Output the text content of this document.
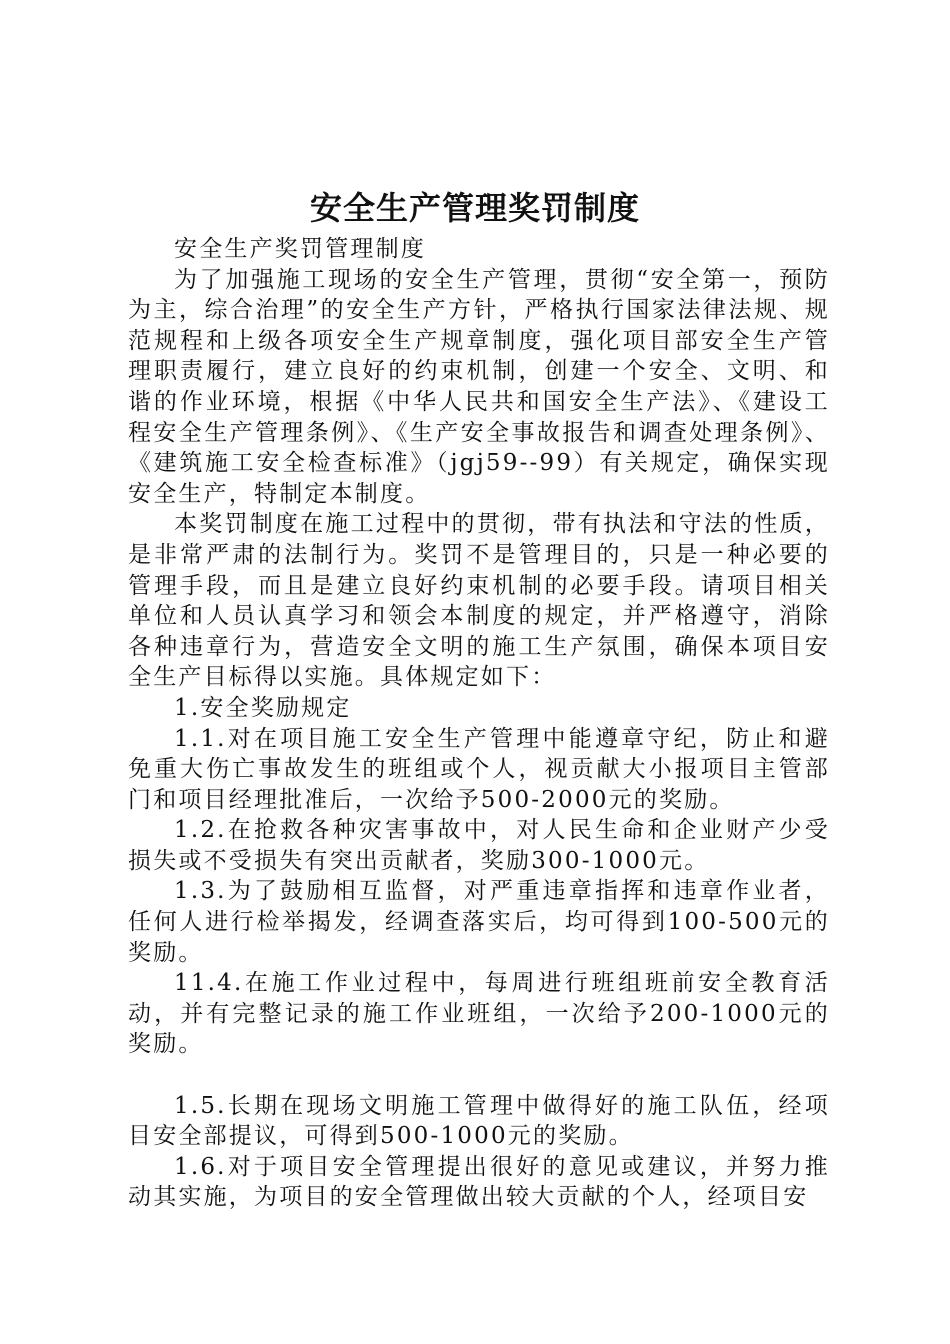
安全生产管理奖罚制度

安全生产奖罚管理制度

为了加强施工现场的安全生产管理，贯彻“安全第一，预防为主，综合治理”的安全生产方针，严格执行国家法律法规、规范规程和上级各项安全生产规章制度，强化项目部安全生产管理职责履行，建立良好的约束机制，创建一个安全、文明、和谐的作业环境，根据《中华人民共和国安全生产法》、《建设工程安全生产管理条例》、《生产安全事故报告和调查处理条例》、《建筑施工安全检查标准》（jgj59--99）有关规定，确保实现安全生产，特制定本制度。

本奖罚制度在施工过程中的贯彻，带有执法和守法的性质，是非常严肃的法制行为。奖罚不是管理目的，只是一种必要的管理手段，而且是建立良好约束机制的必要手段。请项目相关单位和人员认真学习和领会本制度的规定，并严格遵守，消除各种违章行为，营造安全文明的施工生产氛围，确保本项目安全生产目标得以实施。具体规定如下：

1.安全奖励规定

1.1.对在项目施工安全生产管理中能遵章守纪，防止和避免重大伤亡事故发生的班组或个人，视贡献大小报项目主管部门和项目经理批准后，一次给予500-2000元的奖励。

1.2.在抢救各种灾害事故中，对人民生命和企业财产少受损失或不受损失有突出贡献者，奖励300-1000元。

1.3.为了鼓励相互监督，对严重违章指挥和违章作业者，任何人进行检举揭发，经调查落实后，均可得到100-500元的奖励。

11.4.在施工作业过程中，每周进行班组班前安全教育活动，并有完整记录的施工作业班组，一次给予200-1000元的奖励。

1.5.长期在现场文明施工管理中做得好的施工队伍，经项目安全部提议，可得到500-1000元的奖励。

1.6.对于项目安全管理提出很好的意见或建议，并努力推动其实施，为项目的安全管理做出较大贡献的个人，经项目安
